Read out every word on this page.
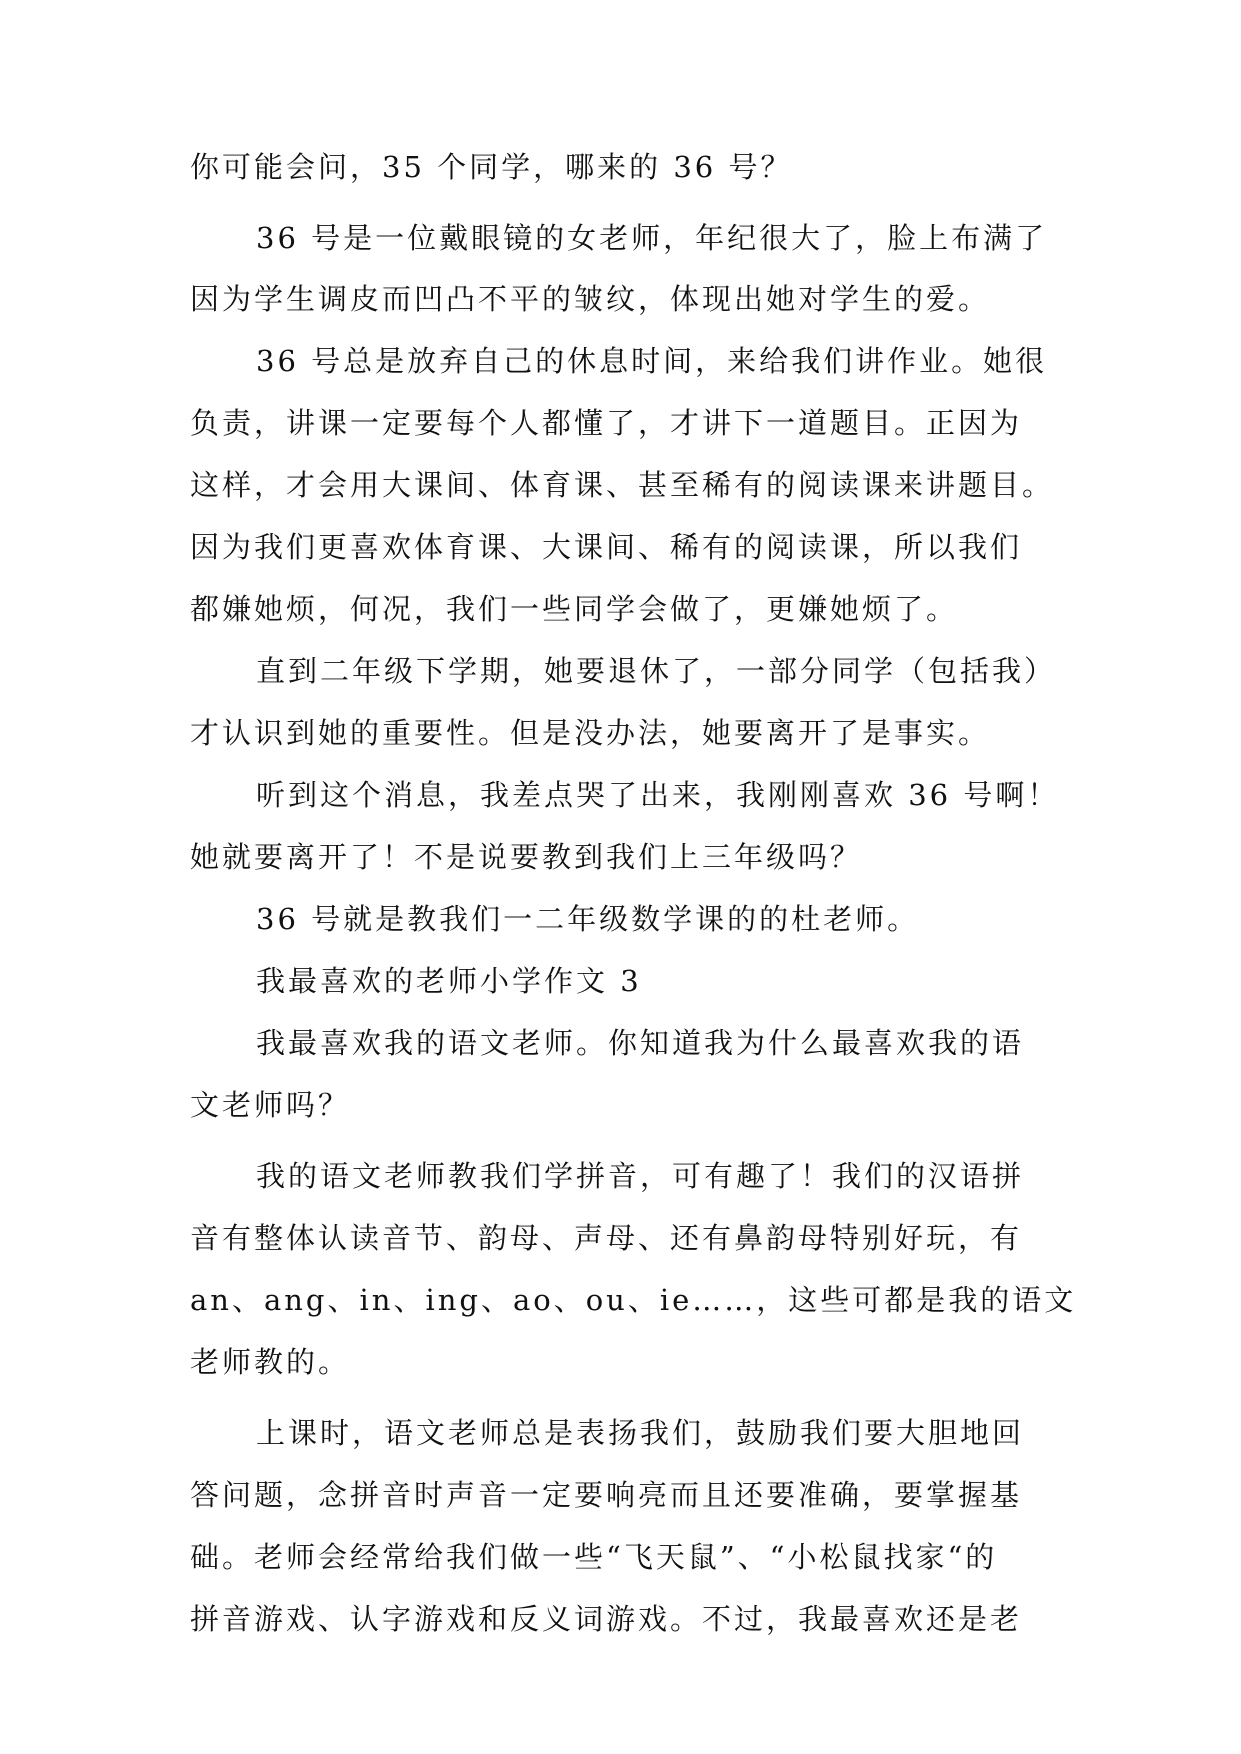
你可能会问，35 个同学，哪来的 36 号？
36 号是一位戴眼镜的女老师，年纪很大了，脸上布满了
因为学生调皮而凹凸不平的皱纹，体现出她对学生的爱。
36 号总是放弃自己的休息时间，来给我们讲作业。她很
负责，讲课一定要每个人都懂了，才讲下一道题目。正因为
这样，才会用大课间、体育课、甚至稀有的阅读课来讲题目。
因为我们更喜欢体育课、大课间、稀有的阅读课，所以我们
都嫌她烦，何况，我们一些同学会做了，更嫌她烦了。
直到二年级下学期，她要退休了，一部分同学（包括我）
才认识到她的重要性。但是没办法，她要离开了是事实。
听到这个消息，我差点哭了出来，我刚刚喜欢 36 号啊！
她就要离开了！不是说要教到我们上三年级吗？
36 号就是教我们一二年级数学课的的杜老师。
我最喜欢的老师小学作文 3
我最喜欢我的语文老师。你知道我为什么最喜欢我的语
文老师吗？
我的语文老师教我们学拼音，可有趣了！我们的汉语拼
音有整体认读音节、韵母、声母、还有鼻韵母特别好玩，有
an、ang、in、ing、ao、ou、ie……，这些可都是我的语文
老师教的。
上课时，语文老师总是表扬我们，鼓励我们要大胆地回
答问题，念拼音时声音一定要响亮而且还要准确，要掌握基
础。老师会经常给我们做一些“飞天鼠”、“小松鼠找家“的
拼音游戏、认字游戏和反义词游戏。不过，我最喜欢还是老
